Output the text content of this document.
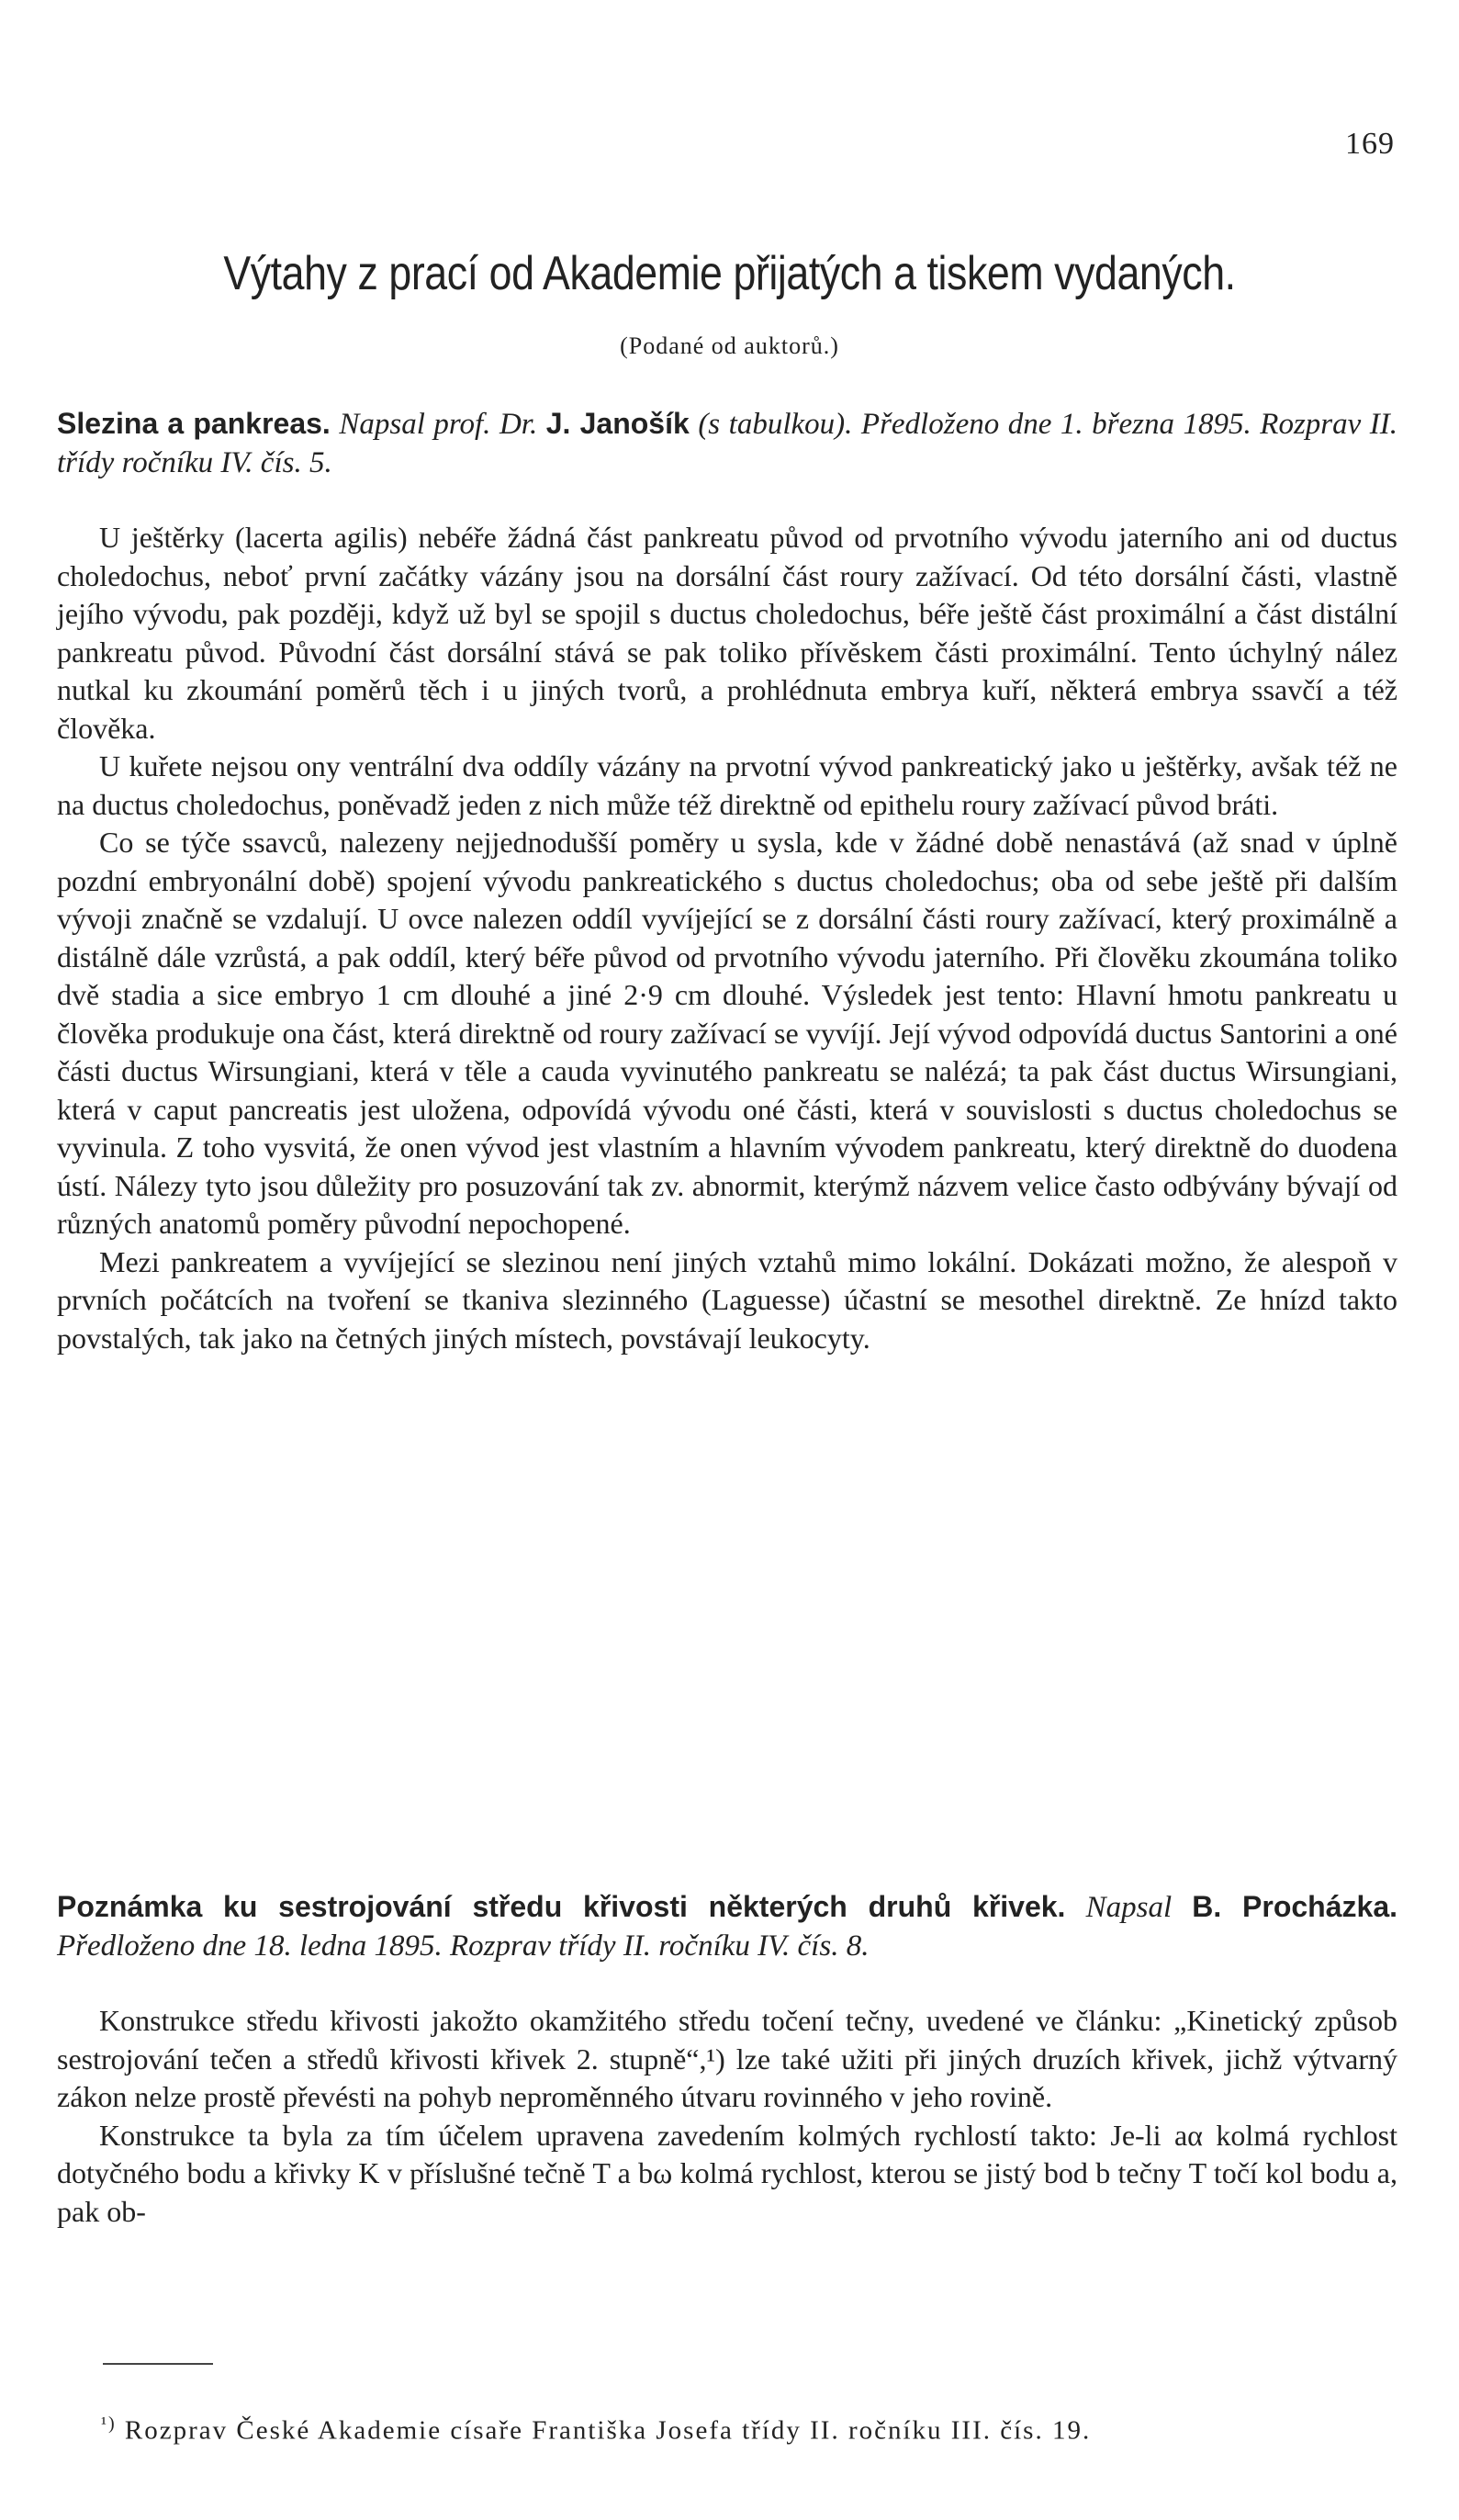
169
Výtahy z prací od Akademie přijatých a tiskem vydaných.
(Podané od auktorů.)

Slezina a pankreas. Napsal prof. Dr. J. Janošík (s tabulkou). Předloženo dne 1. března 1895. Rozprav II. třídy ročníku IV. čís. 5.

U ještěrky (lacerta agilis) nebéře žádná část pankreatu původ od prvotního vývodu jaterního ani od ductus choledochus, neboť první začátky vázány jsou na dorsální část roury zažívací. Od této dorsální části, vlastně jejího vývodu, pak později, když už byl se spojil s ductus choledochus, béře ještě část proximální a část distální pankreatu původ. Původní část dorsální stává se pak toliko přívěskem části proximální. Tento úchylný nález nutkal ku zkoumání poměrů těch i u jiných tvorů, a prohlédnuta embrya kuří, některá embrya ssavčí a též člověka.

U kuřete nejsou ony ventrální dva oddíly vázány na prvotní vývod pankreatický jako u ještěrky, avšak též ne na ductus choledochus, poněvadž jeden z nich může též direktně od epithelu roury zažívací původ bráti.

Co se týče ssavců, nalezeny nejjednodušší poměry u sysla, kde v žádné době nenastává (až snad v úplně pozdní embryonální době) spojení vývodu pankreatického s ductus choledochus; oba od sebe ještě při dalším vývoji značně se vzdalují. U ovce nalezen oddíl vyvíjející se z dorsální části roury zažívací, který proximálně a distálně dále vzrůstá, a pak oddíl, který béře původ od prvotního vývodu jaterního. Při člověku zkoumána toliko dvě stadia a sice embryo 1 cm dlouhé a jiné 2·9 cm dlouhé. Výsledek jest tento: Hlavní hmotu pankreatu u člověka produkuje ona část, která direktně od roury zažívací se vyvíjí. Její vývod odpovídá ductus Santorini a oné části ductus Wirsungiani, která v těle a cauda vyvinutého pankreatu se nalézá; ta pak část ductus Wirsungiani, která v caput pancreatis jest uložena, odpovídá vývodu oné části, která v souvislosti s ductus choledochus se vyvinula. Z toho vysvitá, že onen vývod jest vlastním a hlavním vývodem pankreatu, který direktně do duodena ústí. Nálezy tyto jsou důležity pro posuzování tak zv. abnormit, kterýmž názvem velice často odbývány bývají od různých anatomů poměry původní nepochopené.

Mezi pankreatem a vyvíjející se slezinou není jiných vztahů mimo lokální. Dokázati možno, že alespoň v prvních počátcích na tvoření se tkaniva slezinného (Laguesse) účastní se mesothel direktně. Ze hnízd takto povstalých, tak jako na četných jiných místech, povstávají leukocyty.

Poznámka ku sestrojování středu křivosti některých druhů křivek. Napsal B. Procházka. Předloženo dne 18. ledna 1895. Rozprav třídy II. ročníku IV. čís. 8.

Konstrukce středu křivosti jakožto okamžitého středu točení tečny, uvedené ve článku: „Kinetický způsob sestrojování tečen a středů křivosti křivek 2. stupně“,¹) lze také užiti při jiných druzích křivek, jichž výtvarný zákon nelze prostě převésti na pohyb neproměnného útvaru rovinného v jeho rovině.

Konstrukce ta byla za tím účelem upravena zavedením kolmých rychlostí takto: Je-li aα kolmá rychlost dotyčného bodu a křivky K v příslušné tečně T a bω kolmá rychlost, kterou se jistý bod b tečny T točí kol bodu a, pak ob-

$^{^1)}$ Rozprav České Akademie císaře Františka Josefa třídy II. ročníku III. čís. 19.
